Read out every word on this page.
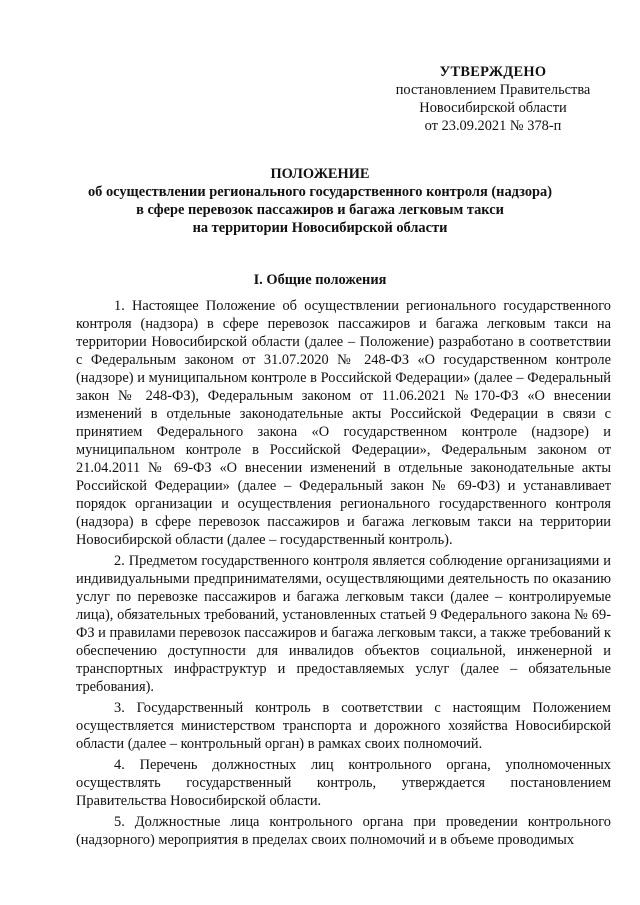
УТВЕРЖДЕНО
постановлением Правительства
Новосибирской области
от 23.09.2021 № 378-п
ПОЛОЖЕНИЕ
об осуществлении регионального государственного контроля (надзора)
в сфере перевозок пассажиров и багажа легковым такси
на территории Новосибирской области
I. Общие положения

1. Настоящее Положение об осуществлении регионального государственного контроля (надзора) в сфере перевозок пассажиров и багажа легковым такси на территории Новосибирской области (далее – Положение) разработано в соответствии с Федеральным законом от 31.07.2020 № 248-ФЗ «О государственном контроле (надзоре) и муниципальном контроле в Российской Федерации» (далее – Федеральный закон № 248-ФЗ), Федеральным законом от 11.06.2021 №170-ФЗ «О внесении изменений в отдельные законодательные акты Российской Федерации в связи с принятием Федерального закона «О государственном контроле (надзоре) и муниципальном контроле в Российской Федерации», Федеральным законом от 21.04.2011 № 69-ФЗ «О внесении изменений в отдельные законодательные акты Российской Федерации» (далее – Федеральный закон № 69-ФЗ) и устанавливает порядок организации и осуществления регионального государственного контроля (надзора) в сфере перевозок пассажиров и багажа легковым такси на территории Новосибирской области (далее – государственный контроль).

2. Предметом государственного контроля является соблюдение организациями и индивидуальными предпринимателями, осуществляющими деятельность по оказанию услуг по перевозке пассажиров и багажа легковым такси (далее – контролируемые лица), обязательных требований, установленных статьей 9 Федерального закона № 69-ФЗ и правилами перевозок пассажиров и багажа легковым такси, а также требований к обеспечению доступности для инвалидов объектов социальной, инженерной и транспортных инфраструктур и предоставляемых услуг (далее – обязательные требования).

3. Государственный контроль в соответствии с настоящим Положением осуществляется министерством транспорта и дорожного хозяйства Новосибирской области (далее – контрольный орган) в рамках своих полномочий.

4. Перечень должностных лиц контрольного органа, уполномоченных осуществлять государственный контроль, утверждается постановлением Правительства Новосибирской области.

5. Должностные лица контрольного органа при проведении контрольного (надзорного) мероприятия в пределах своих полномочий и в объеме проводимых
